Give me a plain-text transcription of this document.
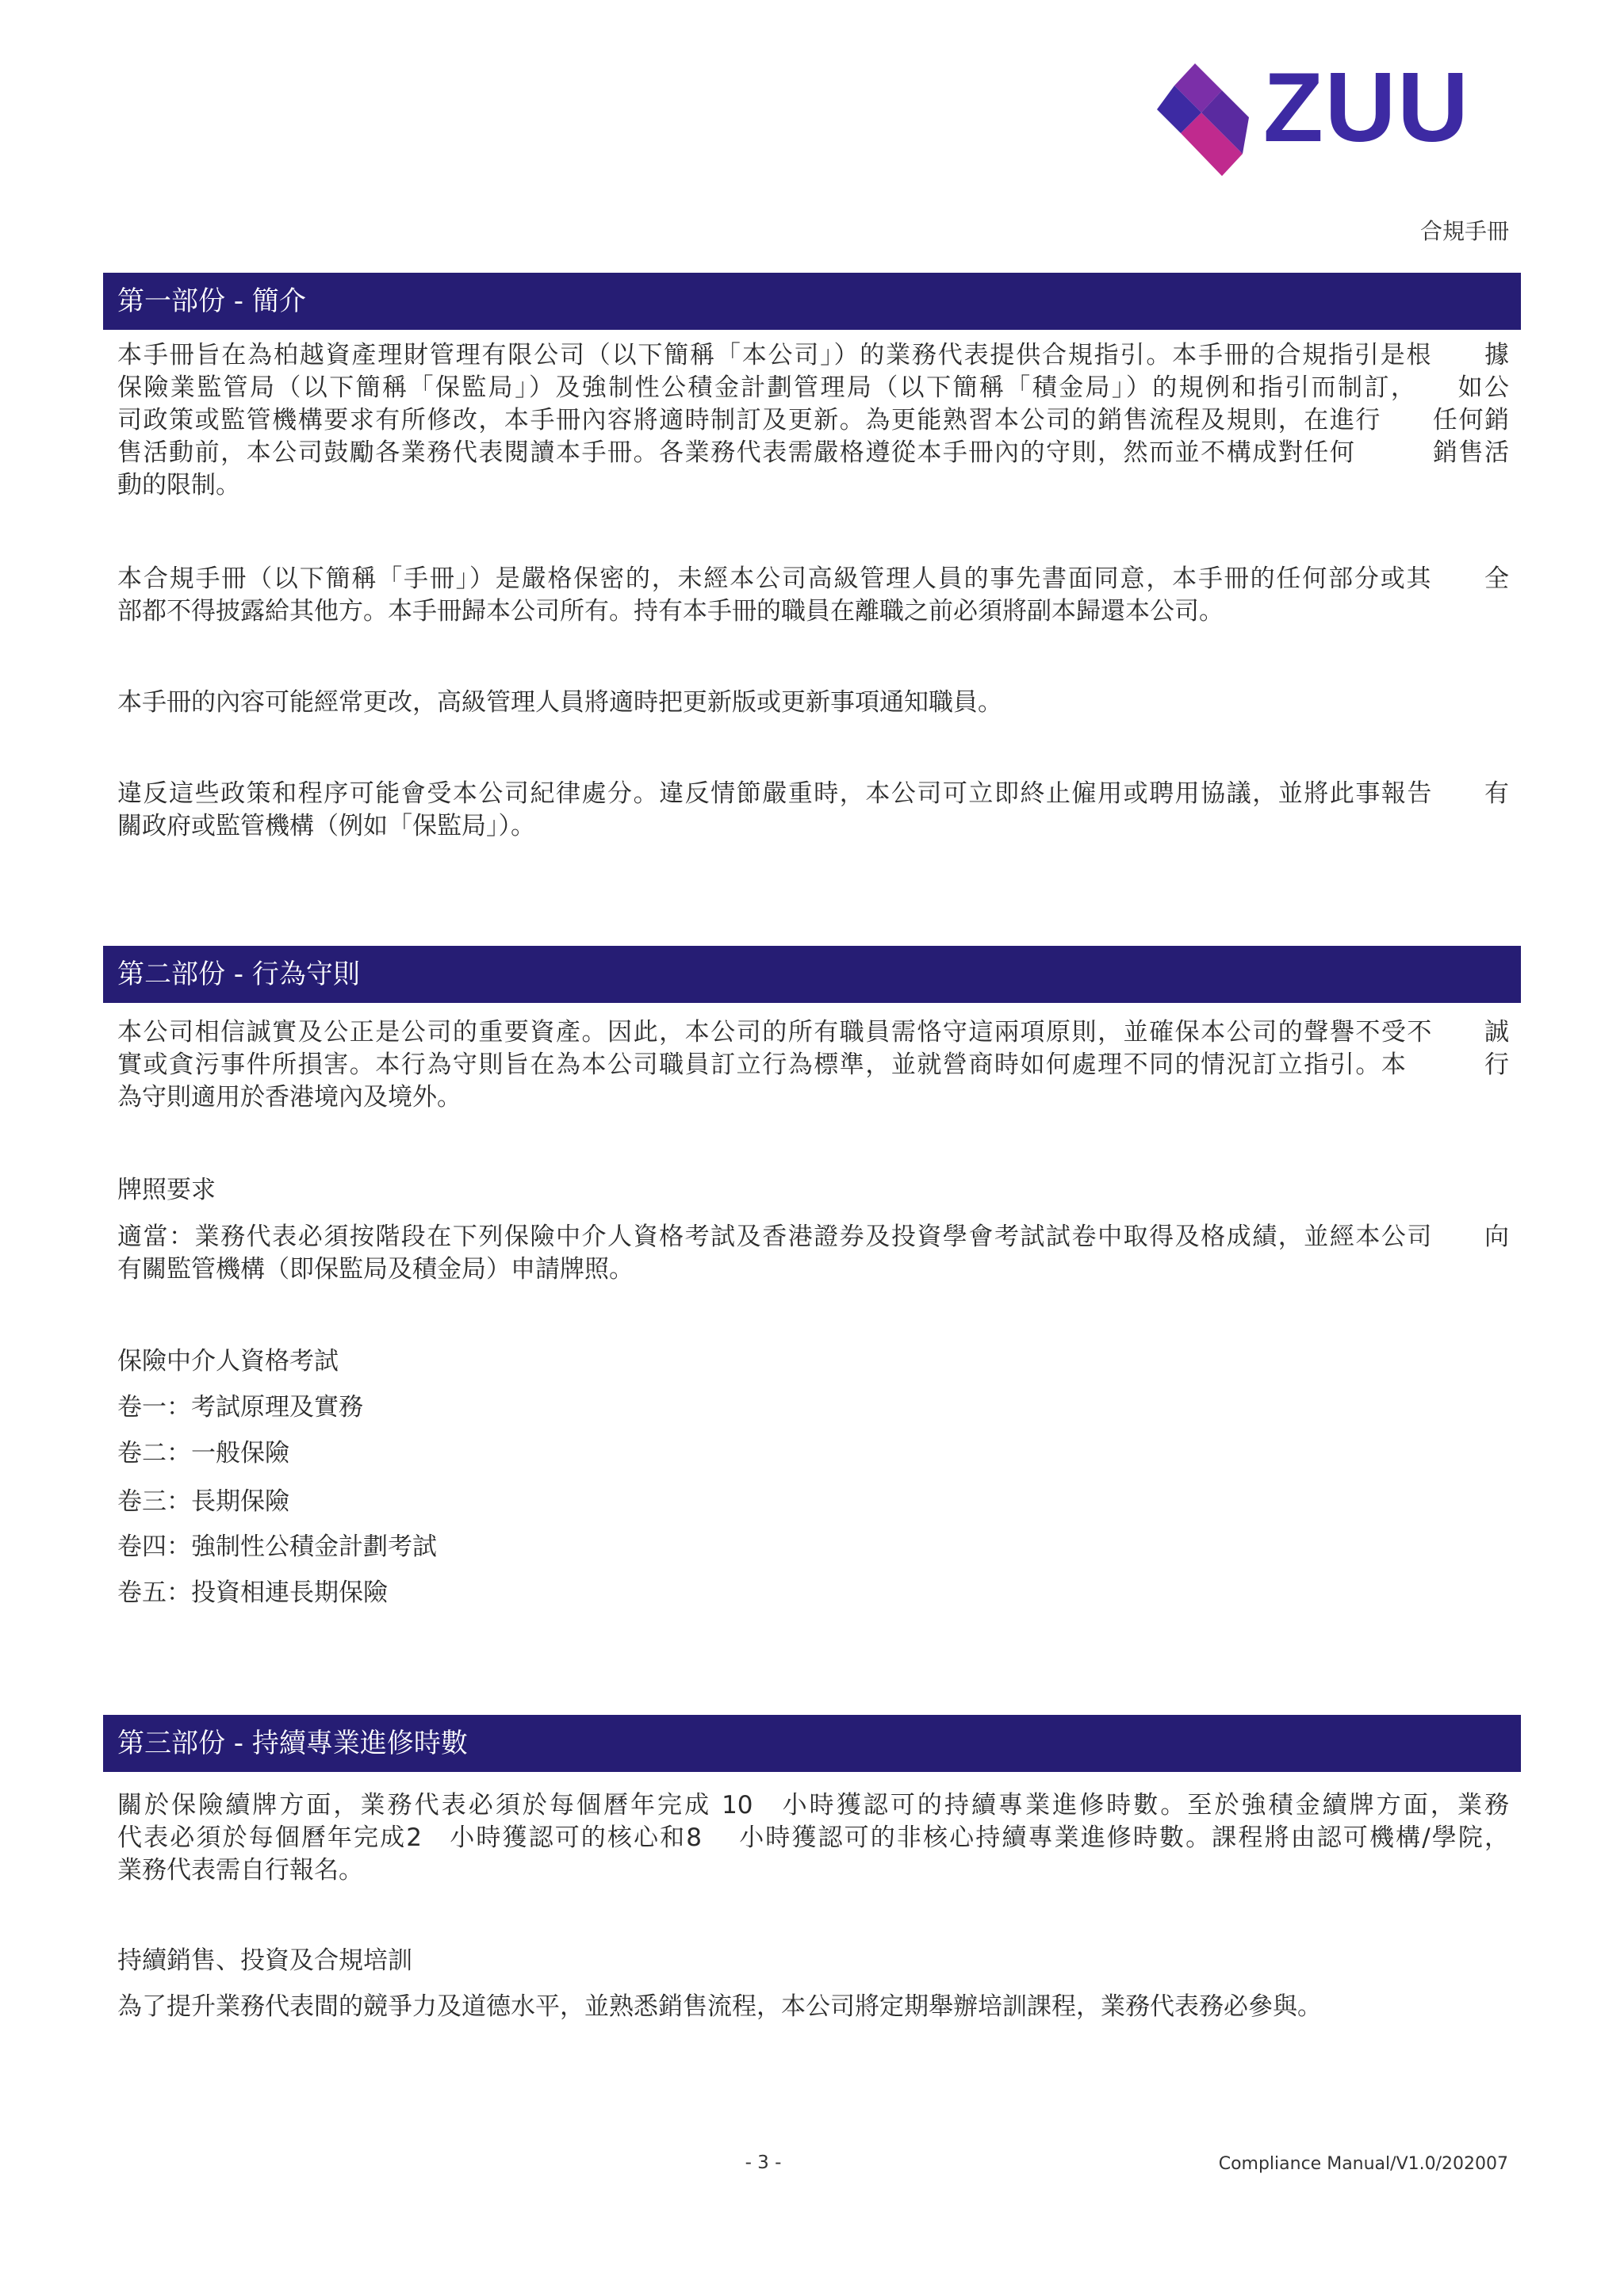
ZUU
合規手冊
第一部份 - 簡介
本手冊旨在為柏越資產理財管理有限公司（以下簡稱「本公司」）的業務代表提供合規指引。本手冊的合規指引是根　　據
保險業監管局（以下簡稱「保監局」）及強制性公積金計劃管理局（以下簡稱「積金局」）的規例和指引而制訂，　　如公
司政策或監管機構要求有所修改，本手冊內容將適時制訂及更新。為更能熟習本公司的銷售流程及規則，在進行　　任何銷
售活動前，本公司鼓勵各業務代表閱讀本手冊。各業務代表需嚴格遵從本手冊內的守則，然而並不構成對任何　　　銷售活
動的限制。
本合規手冊（以下簡稱「手冊」）是嚴格保密的，未經本公司高級管理人員的事先書面同意，本手冊的任何部分或其　　全
部都不得披露給其他方。本手冊歸本公司所有。持有本手冊的職員在離職之前必須將副本歸還本公司。
本手冊的內容可能經常更改，高級管理人員將適時把更新版或更新事項通知職員。
違反這些政策和程序可能會受本公司紀律處分。違反情節嚴重時，本公司可立即終止僱用或聘用協議，並將此事報告　　有
關政府或監管機構（例如「保監局」）。
第二部份 - 行為守則
本公司相信誠實及公正是公司的重要資產。因此，本公司的所有職員需恪守這兩項原則，並確保本公司的聲譽不受不　　誠
實或貪污事件所損害。本行為守則旨在為本公司職員訂立行為標準，並就營商時如何處理不同的情況訂立指引。本　　　行
為守則適用於香港境內及境外。
牌照要求
適當：業務代表必須按階段在下列保險中介人資格考試及香港證券及投資學會考試試卷中取得及格成績，並經本公司　　向
有關監管機構（即保監局及積金局）申請牌照。
保險中介人資格考試
卷一：考試原理及實務
卷二：一般保險
卷三：長期保險
卷四：強制性公積金計劃考試
卷五：投資相連長期保險
第三部份 - 持續專業進修時數
關於保險續牌方面，業務代表必須於每個曆年完成 10　小時獲認可的持續專業進修時數。至於強積金續牌方面，業務
代表必須於每個曆年完成2　小時獲認可的核心和8　 小時獲認可的非核心持續專業進修時數。課程將由認可機構/學院，
業務代表需自行報名。
持續銷售、投資及合規培訓
為了提升業務代表間的競爭力及道德水平，並熟悉銷售流程，本公司將定期舉辦培訓課程，業務代表務必參與。
- 3 -	Compliance Manual/V1.0/202007
